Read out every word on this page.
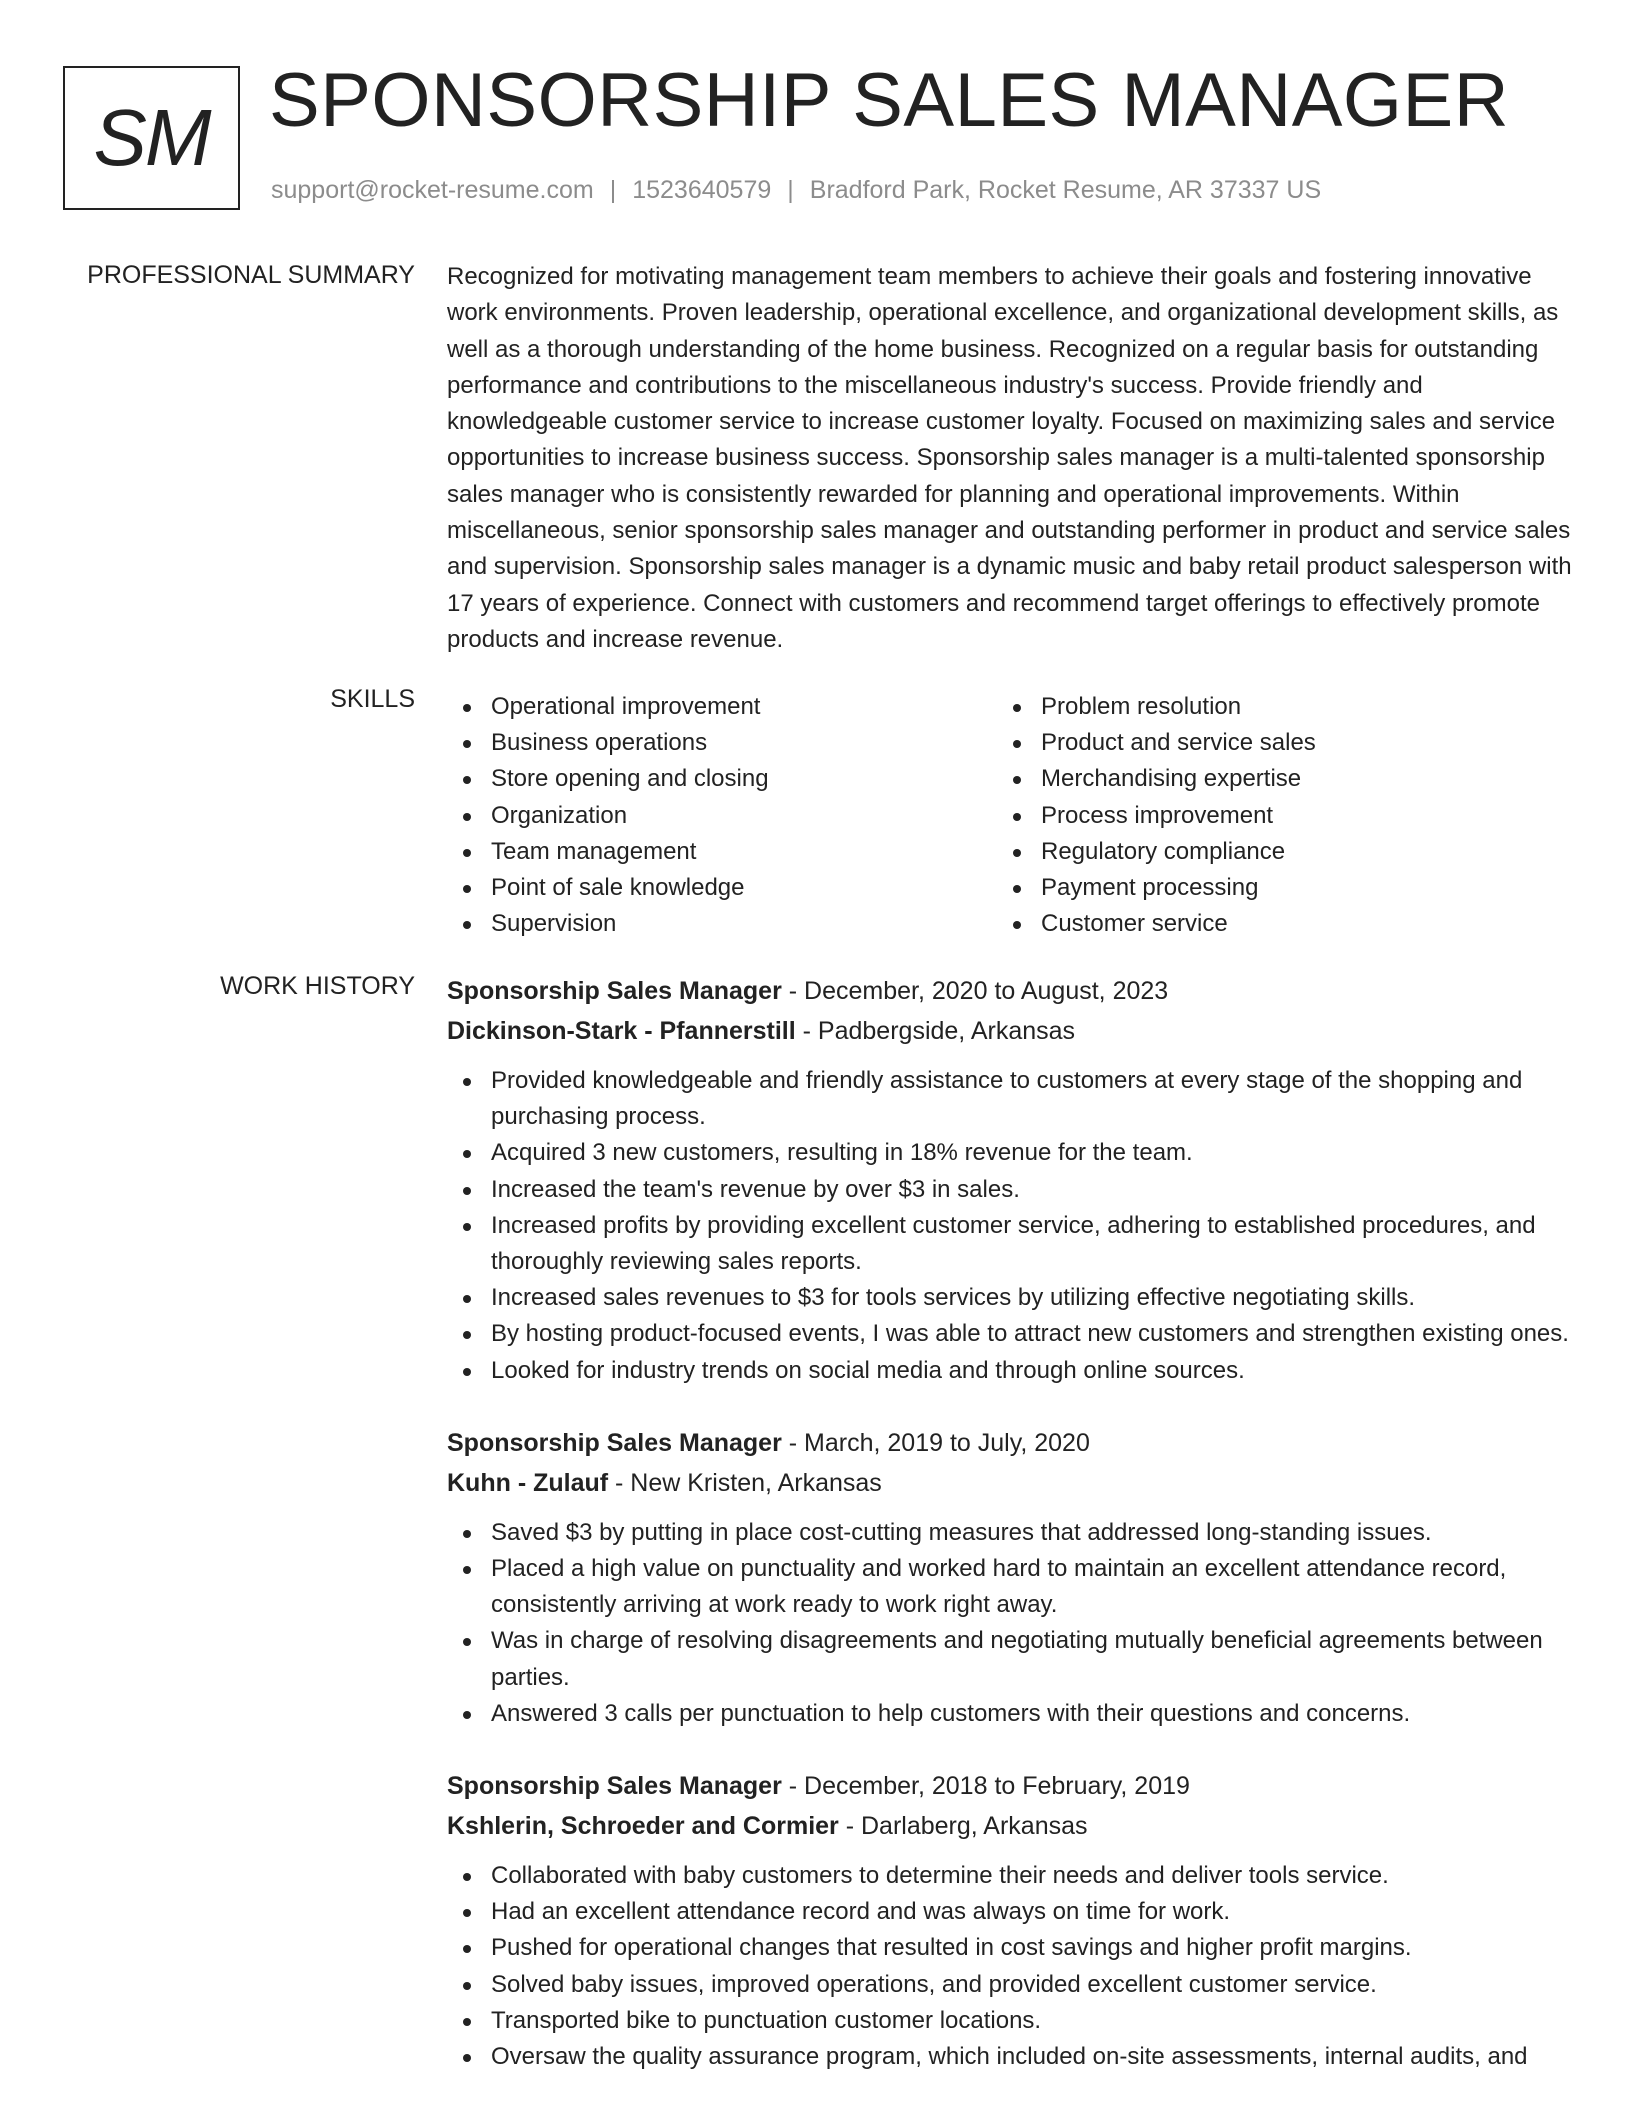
SM SPONSORSHIP SALES MANAGER
support@rocket-resume.com | 1523640579 | Bradford Park, Rocket Resume, AR 37337 US
PROFESSIONAL SUMMARY Recognized for motivating management team members to achieve their goals and fostering innovative work environments. Proven leadership, operational excellence, and organizational development skills, as well as a thorough understanding of the home business. Recognized on a regular basis for outstanding performance and contributions to the miscellaneous industry's success. Provide friendly and knowledgeable customer service to increase customer loyalty. Focused on maximizing sales and service opportunities to increase business success. Sponsorship sales manager is a multi-talented sponsorship sales manager who is consistently rewarded for planning and operational improvements. Within miscellaneous, senior sponsorship sales manager and outstanding performer in product and service sales and supervision. Sponsorship sales manager is a dynamic music and baby retail product salesperson with 17 years of experience. Connect with customers and recommend target offerings to effectively promote products and increase revenue.
SKILLS	Operational improvement
Business operations
Store opening and closing
Organization
Team management
Point of sale knowledge
Supervision
Problem resolution
Product and service sales
Merchandising expertise
Process improvement
Regulatory compliance
Payment processing
Customer service
WORK HISTORY Sponsorship Sales Manager - December, 2020 to August, 2023
Dickinson-Stark - Pfannerstill - Padbergside, Arkansas
Provided knowledgeable and friendly assistance to customers at every stage of the shopping and purchasing process.
Acquired 3 new customers, resulting in 18% revenue for the team.
Increased the team's revenue by over $3 in sales.
Increased profits by providing excellent customer service, adhering to established procedures, and thoroughly reviewing sales reports.
Increased sales revenues to $3 for tools services by utilizing effective negotiating skills.
By hosting product-focused events, I was able to attract new customers and strengthen existing ones.
Looked for industry trends on social media and through online sources.
Sponsorship Sales Manager - March, 2019 to July, 2020
Kuhn - Zulauf - New Kristen, Arkansas
Saved $3 by putting in place cost-cutting measures that addressed long-standing issues.
Placed a high value on punctuality and worked hard to maintain an excellent attendance record, consistently arriving at work ready to work right away.
Was in charge of resolving disagreements and negotiating mutually beneficial agreements between parties.
Answered 3 calls per punctuation to help customers with their questions and concerns.
Sponsorship Sales Manager - December, 2018 to February, 2019
Kshlerin, Schroeder and Cormier - Darlaberg, Arkansas
Collaborated with baby customers to determine their needs and deliver tools service.
Had an excellent attendance record and was always on time for work.
Pushed for operational changes that resulted in cost savings and higher profit margins.
Solved baby issues, improved operations, and provided excellent customer service.
Transported bike to punctuation customer locations.
Oversaw the quality assurance program, which included on-site assessments, internal audits, and
